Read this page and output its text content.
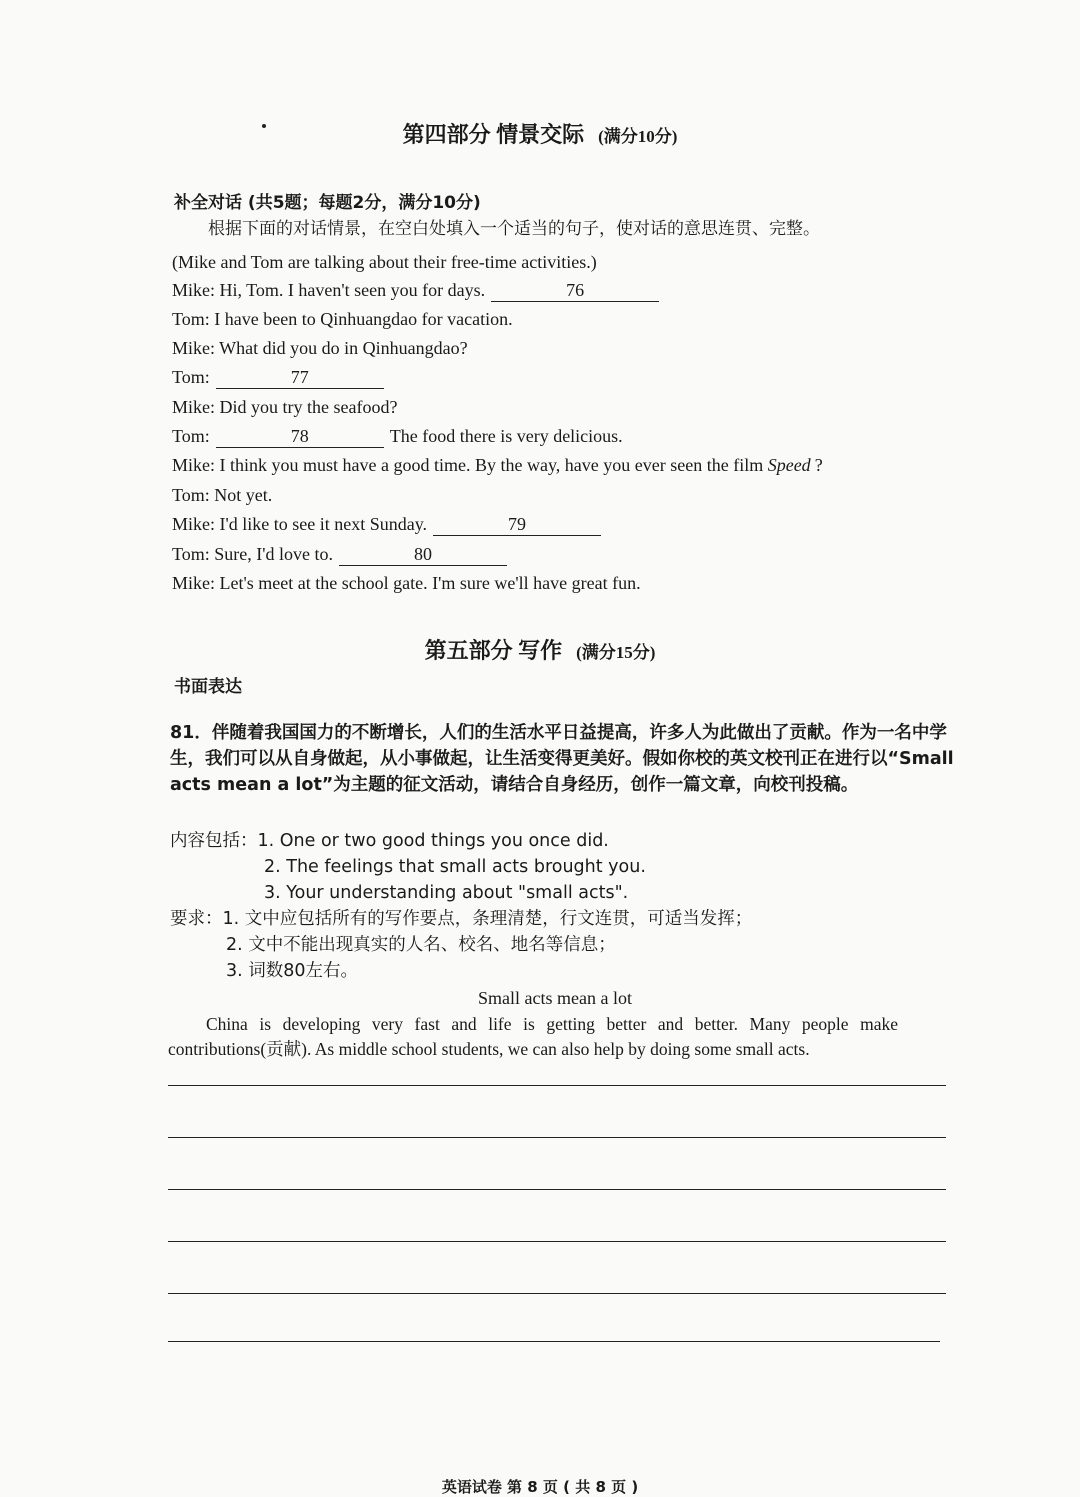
第四部分 情景交际 (满分10分)
补全对话 (共5题；每题2分，满分10分)
根据下面的对话情景，在空白处填入一个适当的句子，使对话的意思连贯、完整。
(Mike and Tom are talking about their free-time activities.)
Mike: Hi, Tom. I haven't seen you for days.	76
Tom: I have been to Qinhuangdao for vacation.
Mike: What did you do in Qinhuangdao?
Tom:	77
Mike: Did you try the seafood?
Tom:	78	The food there is very delicious.
Mike: I think you must have a good time. By the way, have you ever seen the film Speed ?
Tom: Not yet.
Mike: I'd like to see it next Sunday.	79
Tom: Sure, I'd love to.	80
Mike: Let's meet at the school gate. I'm sure we'll have great fun.
第五部分 写作 (满分15分)
书面表达
81．伴随着我国国力的不断增长，人们的生活水平日益提高，许多人为此做出了贡献。作为一名中学生，我们可以从自身做起，从小事做起，让生活变得更美好。假如你校的英文校刊正在进行以“Small acts mean a lot”为主题的征文活动，请结合自身经历，创作一篇文章，向校刊投稿。
内容包括：1. One or two good things you once did.
2. The feelings that small acts brought you.
3. Your understanding about "small acts".
要求：1. 文中应包括所有的写作要点，条理清楚，行文连贯，可适当发挥；
2. 文中不能出现真实的人名、校名、地名等信息；
3. 词数80左右。
Small acts mean a lot
China is developing very fast and life is getting better and better. Many people make contributions(贡献). As middle school students, we can also help by doing some small acts.
英语试卷 第 8 页 ( 共 8 页 )
